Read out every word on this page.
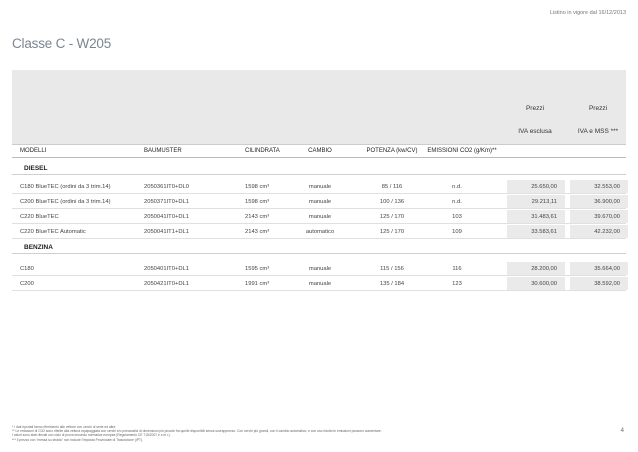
Listino in vigore dal 16/12/2013
Classe C - W205
Prezzi	Prezzi
IVA esclusa	IVA e MSS ***
MODELLI	BAUMUSTER	CILINDRATA	CAMBIO	POTENZA (kw/CV)	EMISSIONI CO2 (g/Km)**
DIESEL
C180 BlueTEC (ordini da 3 trim.14)	2050361IT0+DL0	1598 cm³	manuale	85 / 116	n.d.	25.650,00	32.553,00
C200 BlueTEC (ordini da 3 trim.14)	2050371IT0+DL1	1598 cm³	manuale	100 / 136	n.d.	29.213,11	36.900,00
C220 BlueTEC	2050041IT0+DL1	2143 cm³	manuale	125 / 170	103	31.483,61	39.670,00
C220 BlueTEC Automatic	2050041IT1+DL1	2143 cm³	automatico	125 / 170	109	33.583,61	42.232,00
BENZINA
C180	2050401IT0+DL1	1595 cm³	manuale	115 / 156	116	28.200,00	35.664,00
C200	2050421IT0+DL1	1991 cm³	manuale	135 / 184	123	30.600,00	38.592,00
* I dati riportati fanno riferimento alle vetture con cerchi di serie ed altre.
** Le emissioni di CO2 sono riferite alla vettura equipaggiata con cerchi e/o pneumatici di dimensioni più piccole fra quelle disponibili senza sovrapprezzo. Con cerchi più grandi, con il cambio automatico, e con uso ridotto le emissioni possono aumentare.
I valori sono stati rilevati con ciclo di prova secondo normativa europea (Regolamento CE 715/2007 e s.m.i.).
*** Il prezzo con "messa su strada" non include l'Imposta Provinciale di Trascrizione (IPT).
4
